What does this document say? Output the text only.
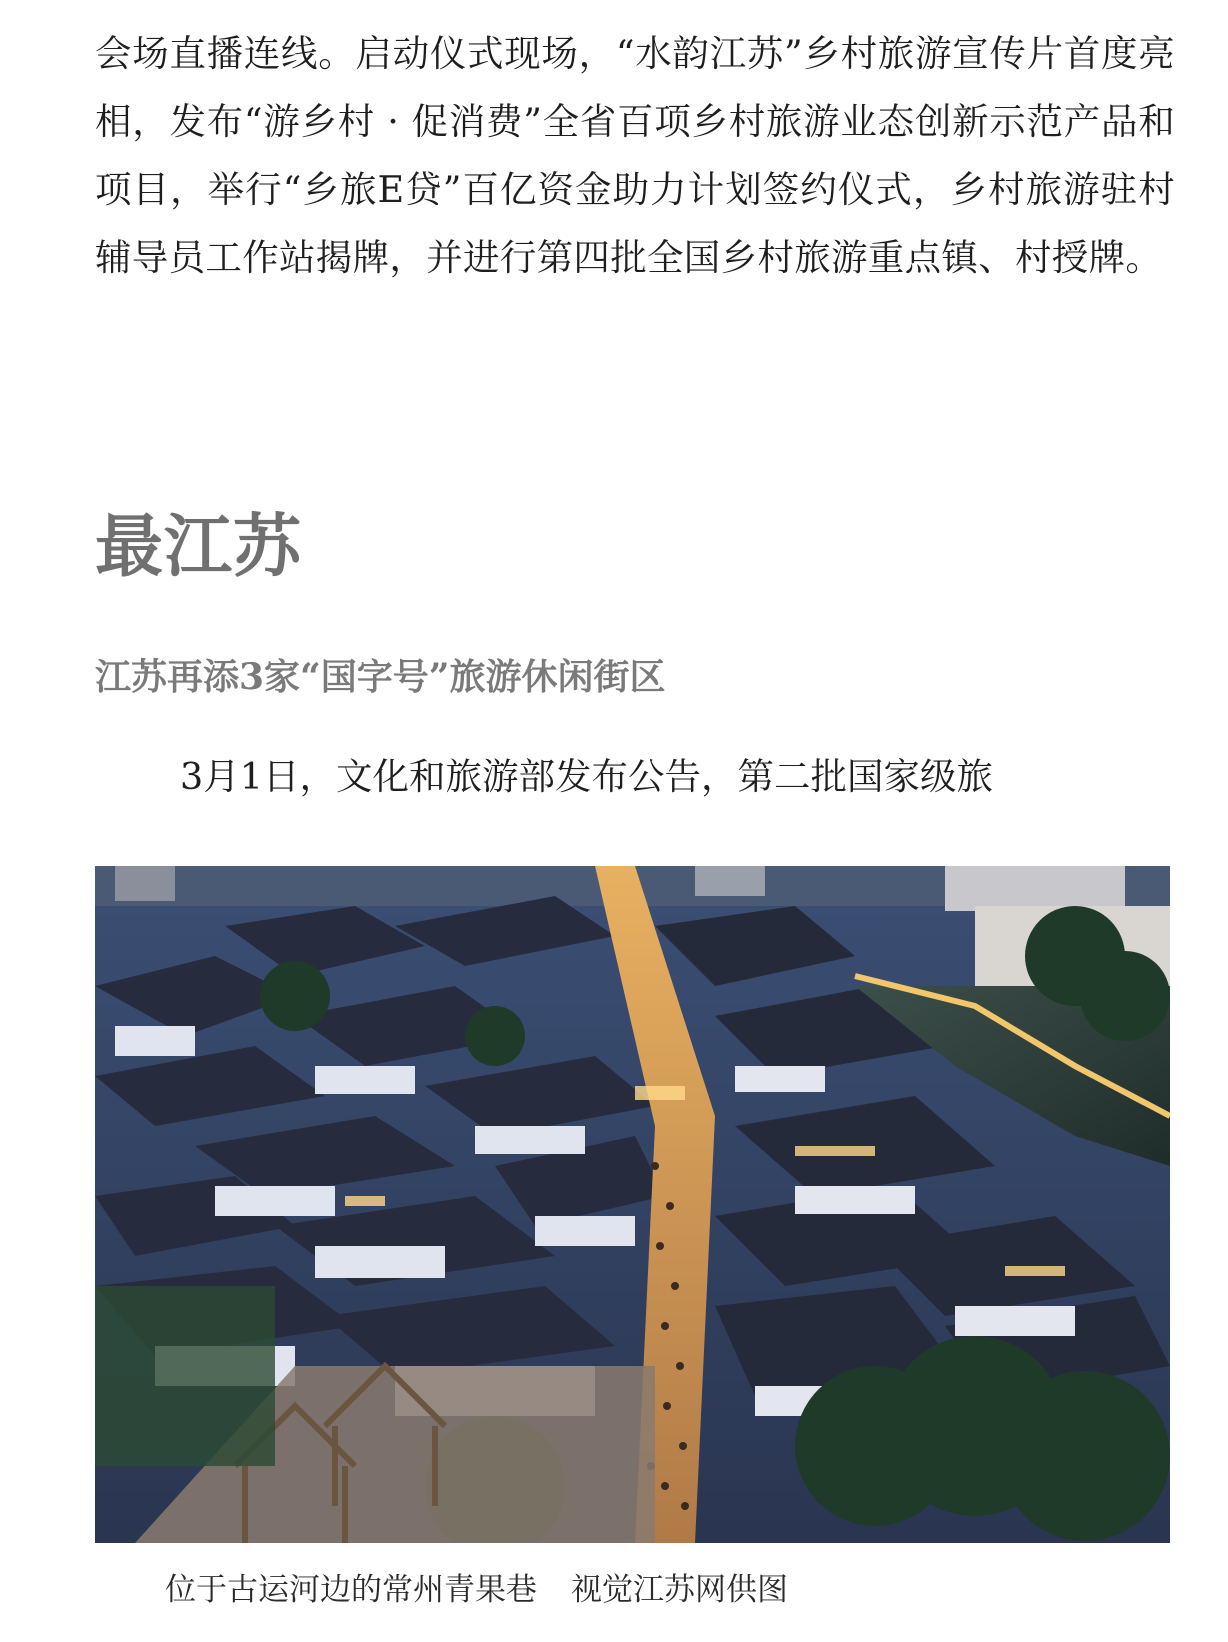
会场直播连线。启动仪式现场，“水韵江苏”乡村旅游宣传片首度亮相，发布“游乡村 · 促消费”全省百项乡村旅游业态创新示范产品和项目，举行“乡旅E贷”百亿资金助力计划签约仪式，乡村旅游驻村辅导员工作站揭牌，并进行第四批全国乡村旅游重点镇、村授牌。

最江苏
江苏再添3家“国字号”旅游休闲街区

3月1日，文化和旅游部发布公告，第二批国家级旅

位于古运河边的常州青果巷 视觉江苏网供图
